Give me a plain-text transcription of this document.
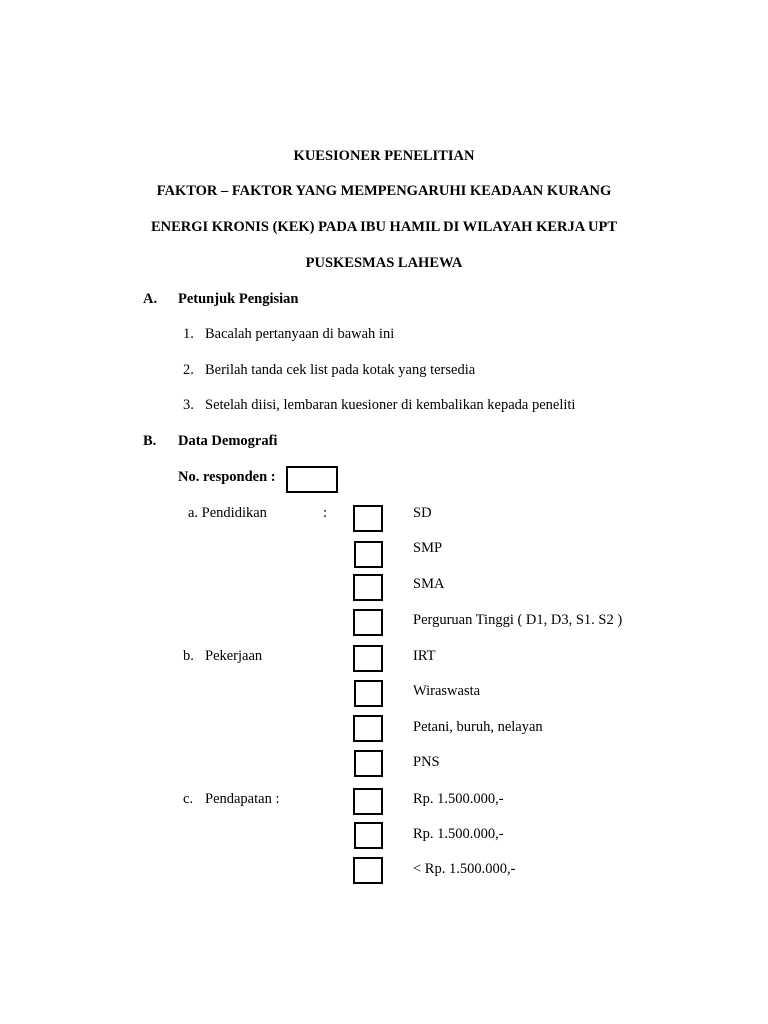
KUESIONER PENELITIAN
FAKTOR – FAKTOR YANG MEMPENGARUHI KEADAAN KURANG
ENERGI KRONIS (KEK) PADA IBU HAMIL DI WILAYAH KERJA UPT
PUSKESMAS LAHEWA
A. Petunjuk Pengisian
1. Bacalah pertanyaan di bawah ini
2. Berilah tanda cek list pada kotak yang tersedia
3. Setelah diisi, lembaran kuesioner di kembalikan kepada peneliti
B. Data Demografi
No. responden :
a. Pendidikan	:	SD
SMP
SMA
Perguruan Tinggi ( D1, D3, S1. S2 )
b. Pekerjaan	IRT
Wiraswasta
Petani, buruh, nelayan
PNS
c. Pendapatan :	Rp. 1.500.000,-
Rp. 1.500.000,-
< Rp. 1.500.000,-
